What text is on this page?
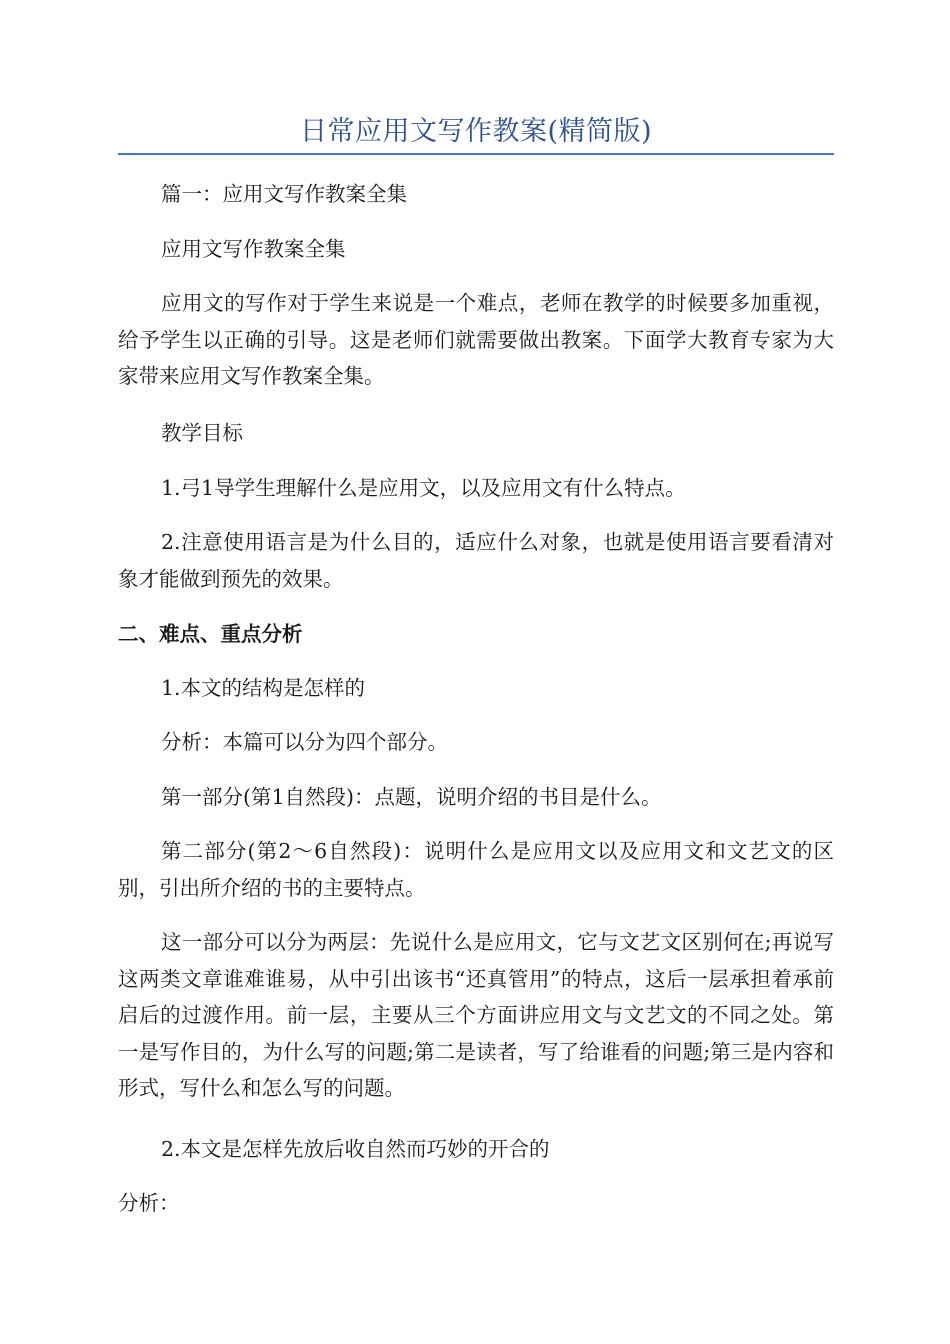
日常应用文写作教案(精简版)

篇一：应用文写作教案全集

应用文写作教案全集

应用文的写作对于学生来说是一个难点，老师在教学的时候要多加重视，给予学生以正确的引导。这是老师们就需要做出教案。下面学大教育专家为大家带来应用文写作教案全集。

教学目标

1.弓1导学生理解什么是应用文，以及应用文有什么特点。

2.注意使用语言是为什么目的，适应什么对象，也就是使用语言要看清对象才能做到预先的效果。

二、难点、重点分析

1.本文的结构是怎样的

分析：本篇可以分为四个部分。

第一部分(第1自然段)：点题，说明介绍的书目是什么。

第二部分(第2～6自然段)：说明什么是应用文以及应用文和文艺文的区别，引出所介绍的书的主要特点。

这一部分可以分为两层：先说什么是应用文，它与文艺文区别何在;再说写这两类文章谁难谁易，从中引出该书“还真管用”的特点，这后一层承担着承前启后的过渡作用。前一层，主要从三个方面讲应用文与文艺文的不同之处。第一是写作目的，为什么写的问题;第二是读者，写了给谁看的问题;第三是内容和形式，写什么和怎么写的问题。

2.本文是怎样先放后收自然而巧妙的开合的

分析：
